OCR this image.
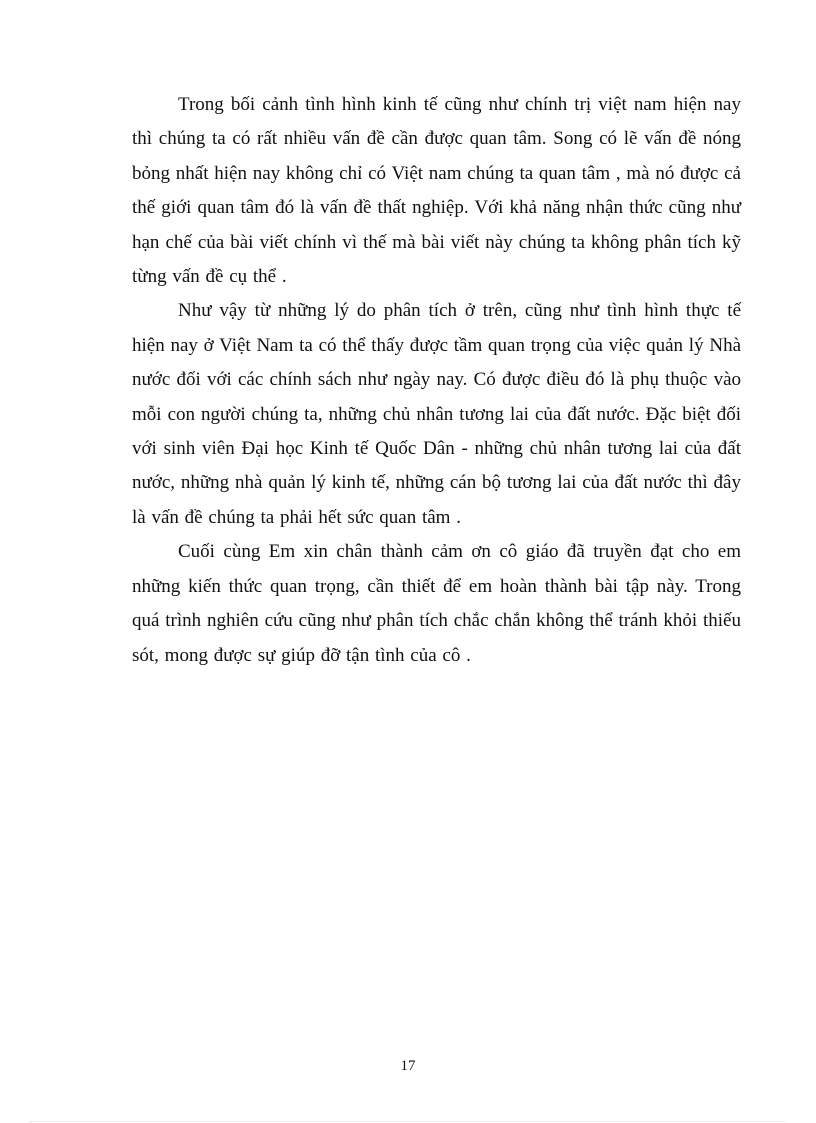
Trong bối cảnh tình hình kinh tế cũng như chính trị việt nam hiện nay thì chúng ta có rất nhiều vấn đề cần được quan tâm. Song có lẽ vấn đề nóng bỏng nhất hiện nay không chỉ có Việt nam chúng ta quan tâm , mà nó được cả thế giới quan tâm đó là vấn đề thất nghiệp. Với khả năng nhận thức cũng như hạn chế của bài viết chính vì thế mà bài viết này chúng ta không phân tích kỹ từng vấn đề cụ thể .

Như vậy từ những lý do phân tích ở trên, cũng như tình hình thực tế hiện nay ở Việt Nam ta có thể thấy được tầm quan trọng của việc quản lý Nhà nước đối với các chính sách như ngày nay. Có được điều đó là phụ thuộc vào mỗi con người chúng ta, những chủ nhân tương lai của đất nước. Đặc biệt đối với sinh viên Đại học Kinh tế Quốc Dân - những chủ nhân tương lai của đất nước, những nhà quản lý kinh tế, những cán bộ tương lai của đất nước thì đây là vấn đề chúng ta phải hết sức quan tâm .

Cuối cùng Em xin chân thành cảm ơn cô giáo đã truyền đạt cho em những kiến thức quan trọng, cần thiết để em hoàn thành bài tập này. Trong quá trình nghiên cứu cũng như phân tích chắc chắn không thể tránh khỏi thiếu sót, mong được sự giúp đỡ tận tình của cô .

17
